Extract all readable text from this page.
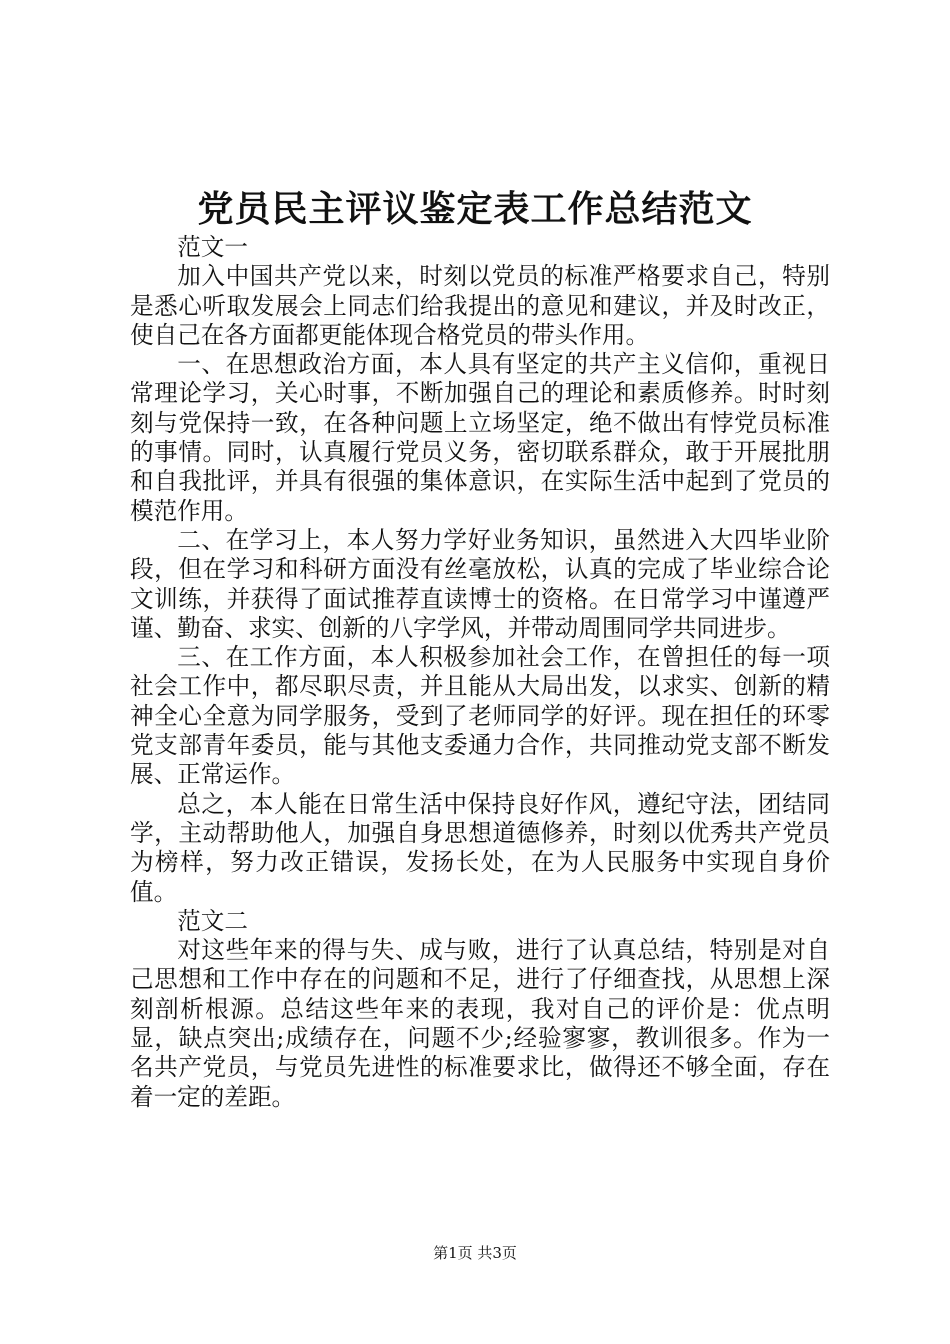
党员民主评议鉴定表工作总结范文

范文一

加入中国共产党以来，时刻以党员的标准严格要求自己，特别是悉心听取发展会上同志们给我提出的意见和建议，并及时改正，使自己在各方面都更能体现合格党员的带头作用。

一、在思想政治方面，本人具有坚定的共产主义信仰，重视日常理论学习，关心时事，不断加强自己的理论和素质修养。时时刻刻与党保持一致，在各种问题上立场坚定，绝不做出有悖党员标准的事情。同时，认真履行党员义务，密切联系群众，敢于开展批朋和自我批评，并具有很强的集体意识，在实际生活中起到了党员的模范作用。

二、在学习上，本人努力学好业务知识，虽然进入大四毕业阶段，但在学习和科研方面没有丝毫放松，认真的完成了毕业综合论文训练，并获得了面试推荐直读博士的资格。在日常学习中谨遵严谨、勤奋、求实、创新的八字学风，并带动周围同学共同进步。

三、在工作方面，本人积极参加社会工作，在曾担任的每一项社会工作中，都尽职尽责，并且能从大局出发，以求实、创新的精神全心全意为同学服务，受到了老师同学的好评。现在担任的环零党支部青年委员，能与其他支委通力合作，共同推动党支部不断发展、正常运作。

总之，本人能在日常生活中保持良好作风，遵纪守法，团结同学，主动帮助他人，加强自身思想道德修养，时刻以优秀共产党员为榜样，努力改正错误，发扬长处，在为人民服务中实现自身价值。

范文二

对这些年来的得与失、成与败，进行了认真总结，特别是对自己思想和工作中存在的问题和不足，进行了仔细查找，从思想上深刻剖析根源。总结这些年来的表现，我对自己的评价是：优点明显，缺点突出;成绩存在，问题不少;经验寥寥，教训很多。作为一名共产党员，与党员先进性的标准要求比，做得还不够全面，存在着一定的差距。

第1页 共3页
